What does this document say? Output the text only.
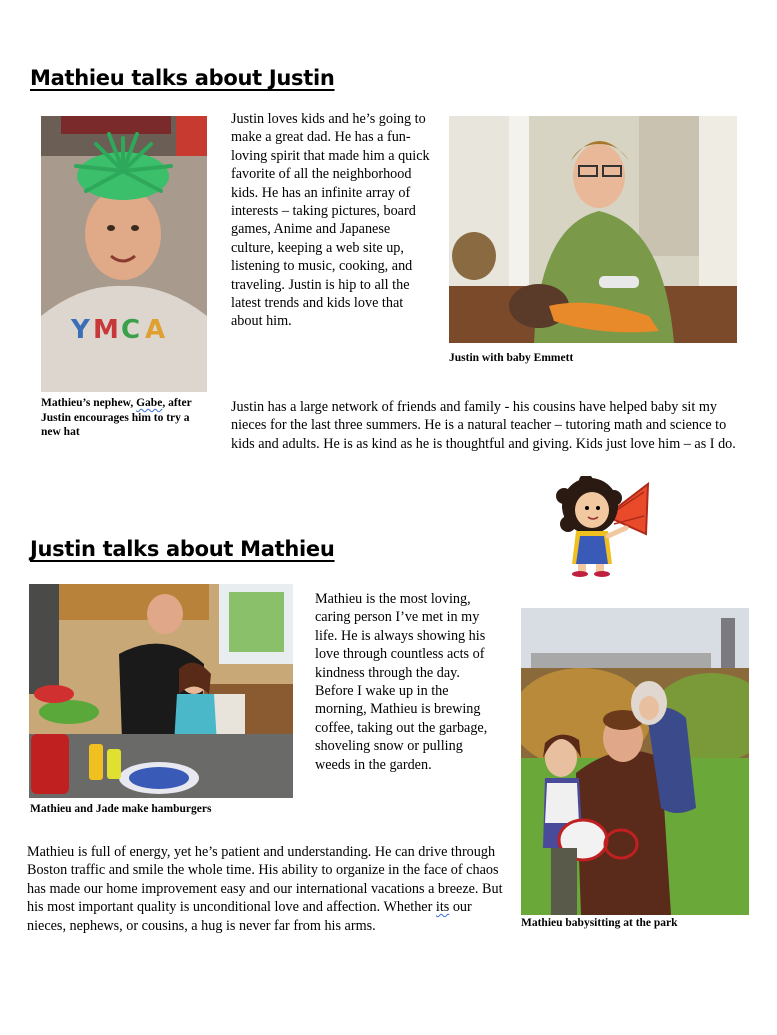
Mathieu talks about Justin
Y M C A
Mathieu’s nephew, Gabe, after Justin encourages him to try a new hat
Justin loves kids and he’s going to make a great dad. He has a fun-loving spirit that made him a quick favorite of all the neighborhood kids. He has an infinite array of interests – taking pictures, board games, Anime and Japanese culture, keeping a web site up, listening to music, cooking, and traveling. Justin is hip to all the latest trends and kids love that about him.
Justin with baby Emmett
Justin has a large network of friends and family - his cousins have helped baby sit my nieces for the last three summers. He is a natural teacher – tutoring math and science to kids and adults. He is as kind as he is thoughtful and giving. Kids just love him – as I do.
Justin talks about Mathieu
Mathieu and Jade make hamburgers
Mathieu is the most loving, caring person I’ve met in my life. He is always showing his love through countless acts of kindness through the day. Before I wake up in the morning, Mathieu is brewing coffee, taking out the garbage, shoveling snow or pulling weeds in the garden.
Mathieu babysitting at the park
Mathieu is full of energy, yet he’s patient and understanding. He can drive through Boston traffic and smile the whole time. His ability to organize in the face of chaos has made our home improvement easy and our international vacations a breeze. But his most important quality is unconditional love and affection. Whether its our nieces, nephews, or cousins, a hug is never far from his arms.
